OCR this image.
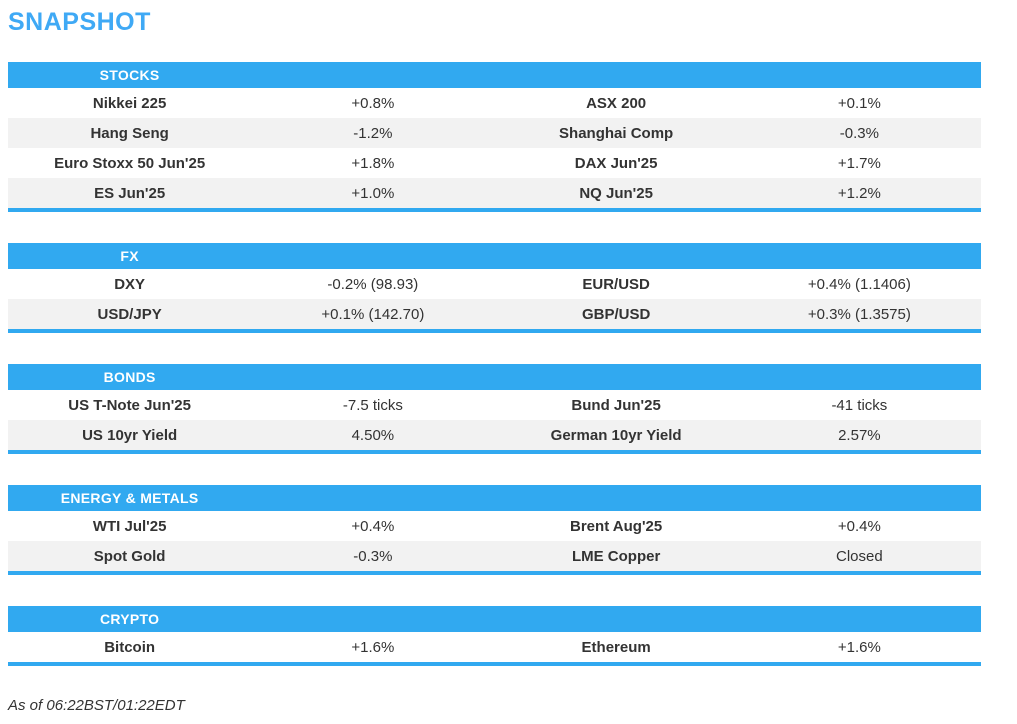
SNAPSHOT
STOCKS
Nikkei 225	+0.8%	ASX 200	+0.1%
Hang Seng	-1.2%	Shanghai Comp	-0.3%
Euro Stoxx 50 Jun'25	+1.8%	DAX Jun'25	+1.7%
ES Jun'25	+1.0%	NQ Jun'25	+1.2%
FX
DXY	-0.2% (98.93)	EUR/USD	+0.4% (1.1406)
USD/JPY	+0.1% (142.70)	GBP/USD	+0.3% (1.3575)
BONDS
US T-Note Jun'25	-7.5 ticks	Bund Jun'25	-41 ticks
US 10yr Yield	4.50%	German 10yr Yield	2.57%
ENERGY & METALS
WTI Jul'25	+0.4%	Brent Aug'25	+0.4%
Spot Gold	-0.3%	LME Copper	Closed
CRYPTO
Bitcoin	+1.6%	Ethereum	+1.6%
As of 06:22BST/01:22EDT
